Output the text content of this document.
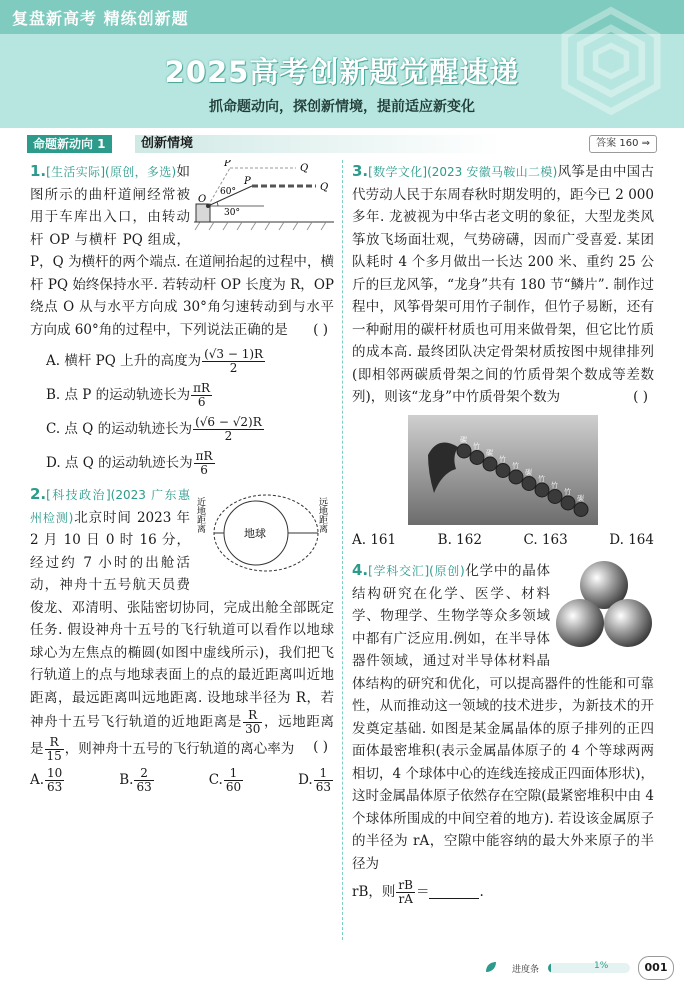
复盘新高考 精练创新题
2025高考创新题觉醒速递
抓命题动向，探创新情境，提前适应新变化
命题新动向 1	创新情境	答案 160 ⇒
O
P
P
Q
Q
60°
30°

1.[生活实际](原创，多选)如图所示的曲杆道闸经常被用于车库出入口，由转动杆 OP 与横杆 PQ 组成，P，Q 为横杆的两个端点. 在道闸抬起的过程中，横杆 PQ 始终保持水平. 若转动杆 OP 长度为 R，OP 绕点 O 从与水平方向成 30°角匀速转动到与水平方向成 60°角的过程中，下列说法正确的是 ( )

A. 横杆 PQ 上升的高度为 $\frac{(√3 - 1)R}{2}$
B. 点 P 的运动轨迹长为 $\frac{\pi R}{6}$
C. 点 Q 的运动轨迹长为 $\frac{(√6 - √2)R}{2}$
D. 点 Q 的运动轨迹长为 $\frac{\pi R}{6}$
地球
近地距离	远地距离

2.[科技政治](2023 广东惠州检测)北京时间 2023 年 2 月 10 日 0 时 16 分，经过约 7 小时的出舱活动，神舟十五号航天员费俊龙、邓清明、张陆密切协同，完成出舱全部既定任务. 假设神舟十五号的飞行轨道可以看作以地球球心为左焦点的椭圆(如图中虚线所示)，我们把飞行轨道上的点与地球表面上的点的最近距离叫近地距离，最远距离叫远地距离. 设地球半径为 R，若神舟十五号飞行轨道的近地距离是 $\frac{R}{30}$ ，远地距离是 $\frac{R}{15}$ ，则神舟十五号的飞行轨道的离心率为 ( )

A. $\frac{10}{63}$	B. $\frac{2}{63}$	C. $\frac{1}{60}$	D. $\frac{1}{63}$

3.[数学文化](2023 安徽马鞍山二模)风筝是由中国古代劳动人民于东周春秋时期发明的，距今已 2 000 多年. 龙被视为中华古老文明的象征，大型龙类风筝放飞场面壮观，气势磅礴，因而广受喜爱. 某团队耗时 4 个多月做出一长达 200 米、重约 25 公斤的巨龙风筝，“龙身”共有 180 节“鳞片”. 制作过程中，风筝骨架可用竹子制作，但竹子易断，还有一种耐用的碳杆材质也可用来做骨架，但它比竹质的成本高. 最终团队决定骨架材质按图中规律排列(即相邻两碳质骨架之间的竹质骨架个数成等差数列)，则该“龙身”中竹质骨架个数为	( )

碳
竹
碳
竹
竹
碳
竹
竹
竹
碳
A. 161	B. 162	C. 163	D. 164

4.[学科交汇](原创)化学中的晶体结构研究在化学、医学、材料学、物理学、生物学等众多领域中都有广泛应用.例如，在半导体器件领域，通过对半导体材料晶体结构的研究和优化，可以提高器件的性能和可靠性，从而推动这一领域的技术进步，为新技术的开发奠定基础. 如图是某金属晶体的原子排列的正四面体最密堆积(表示金属晶体原子的 4 个等球两两相切，4 个球体中心的连线连接成正四面体形状)，这时金属晶体原子依然存在空隙(最紧密堆积中由 4 个球体所围成的中间空着的地方). 若设该金属原子的半径为 rA，空隙中能容纳的最大外来原子的半径为

rB，则 $\frac{rB}{rA}$ ＝	.

进度条	1%	001
